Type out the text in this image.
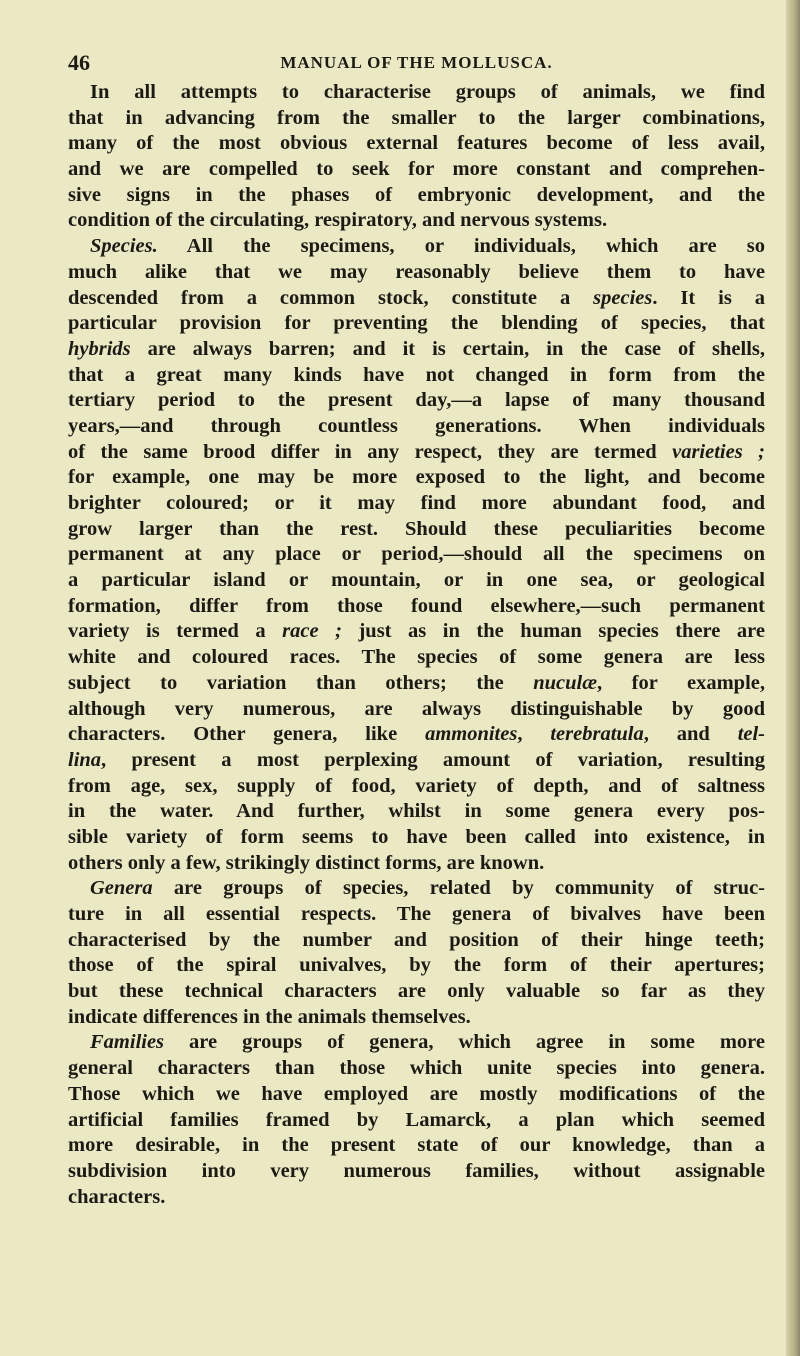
46	MANUAL OF THE MOLLUSCA.
In all attempts to characterise groups of animals, we find
that in advancing from the smaller to the larger combinations,
many of the most obvious external features become of less avail,
and we are compelled to seek for more constant and comprehen-
sive signs in the phases of embryonic development, and the
condition of the circulating, respiratory, and nervous systems.
Species. All the specimens, or individuals, which are so
much alike that we may reasonably believe them to have
descended from a common stock, constitute a species. It is a
particular provision for preventing the blending of species, that
hybrids are always barren; and it is certain, in the case of shells,
that a great many kinds have not changed in form from the
tertiary period to the present day,—a lapse of many thousand
years,—and through countless generations. When individuals
of the same brood differ in any respect, they are termed varieties ;
for example, one may be more exposed to the light, and become
brighter coloured; or it may find more abundant food, and
grow larger than the rest. Should these peculiarities become
permanent at any place or period,—should all the specimens on
a particular island or mountain, or in one sea, or geological
formation, differ from those found elsewhere,—such permanent
variety is termed a race ; just as in the human species there are
white and coloured races. The species of some genera are less
subject to variation than others; the nuculæ, for example,
although very numerous, are always distinguishable by good
characters. Other genera, like ammonites, terebratula, and tel-
lina, present a most perplexing amount of variation, resulting
from age, sex, supply of food, variety of depth, and of saltness
in the water. And further, whilst in some genera every pos-
sible variety of form seems to have been called into existence, in
others only a few, strikingly distinct forms, are known.
Genera are groups of species, related by community of struc-
ture in all essential respects. The genera of bivalves have been
characterised by the number and position of their hinge teeth;
those of the spiral univalves, by the form of their apertures;
but these technical characters are only valuable so far as they
indicate differences in the animals themselves.
Families are groups of genera, which agree in some more
general characters than those which unite species into genera.
Those which we have employed are mostly modifications of the
artificial families framed by Lamarck, a plan which seemed
more desirable, in the present state of our knowledge, than a
subdivision into very numerous families, without assignable
characters.
